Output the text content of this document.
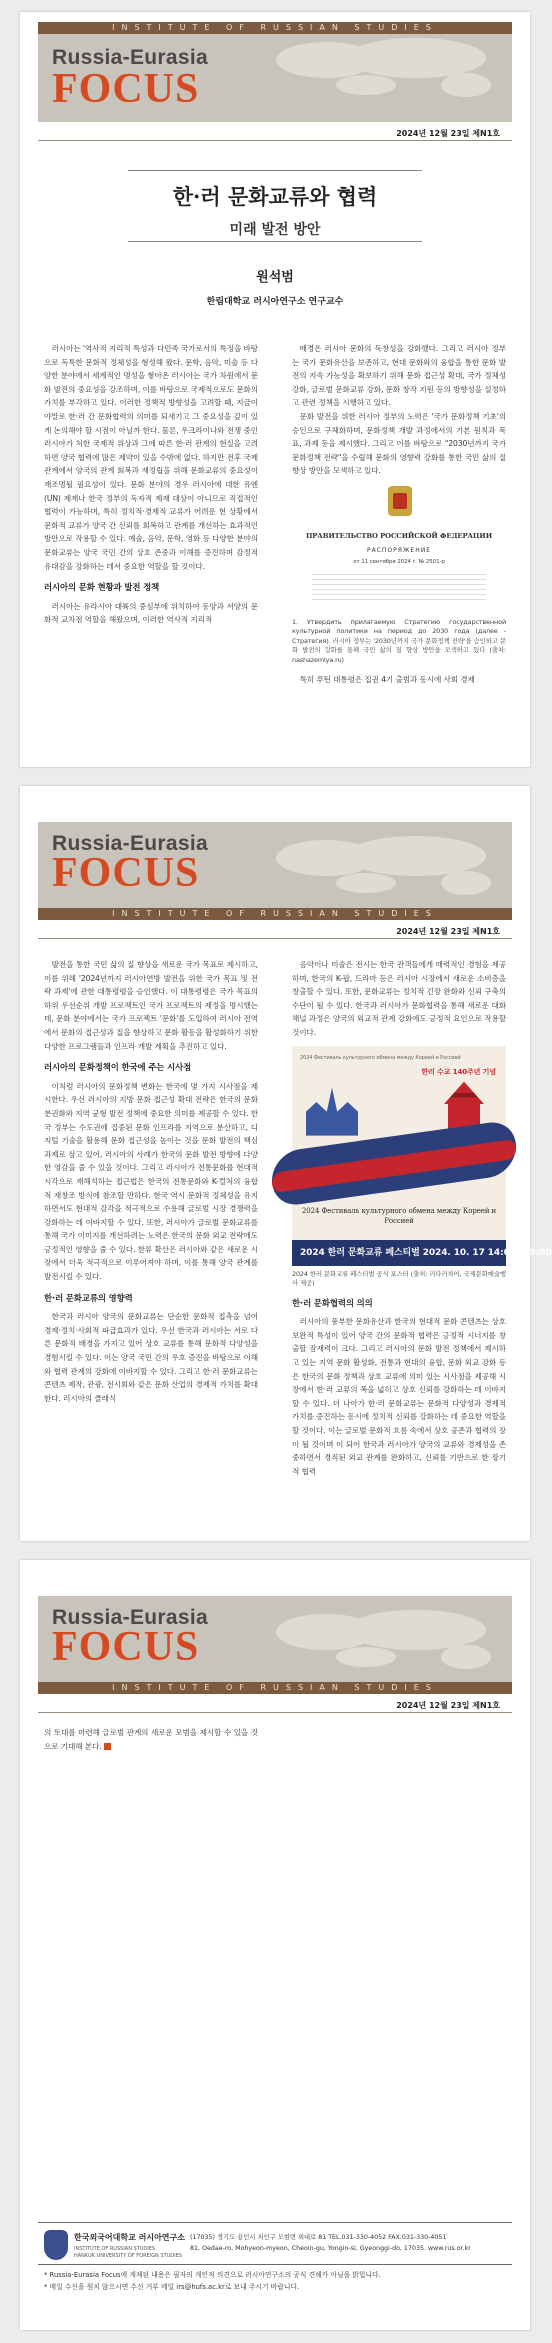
Russia-Eurasia
FOCUS
INSTITUTE OF RUSSIAN STUDIES
2024년 12월 23일 제N1호
한·러 문화교류와 협력
미래 발전 방안
원석범
한림대학교 러시아연구소 연구교수

러시아는 '역사적 지리적 특성과 다민족 국가로서의 특징을 바탕으로 독특한 문화적 정체성을 형성해 왔다. 문학, 음악, 미술 등 다양한 분야에서 세계적인 명성을 쌓아온 러시아는 국가 차원에서 문화 발전의 중요성을 강조하며, 이를 바탕으로 국제적으로도 문화의 가치를 부각하고 있다. 이러한 정책적 방향성을 고려할 때, 지금이야말로 한·러 간 문화협력의 의미를 되새기고 그 중요성을 깊이 있게 논의해야 할 시점이 아닐까 한다. 물론, 우크라이나와 전쟁 중인 러시아가 처한 국제적 위상과 그에 따른 한·러 관계의 현실을 고려하면 양국 협력에 많은 제약이 있을 수밖에 없다. 하지만 전후 국제관계에서 양국의 관계 회복과 재정립을 위해 문화교류의 중요성이 재조명될 필요성이 있다. 문화 분야의 경우 러시아에 대한 유엔(UN) 제재나 한국 정부의 독자적 제재 대상이 아니므로 직접적인 협력이 가능하며, 특히 정치적·경제적 교류가 어려운 현 상황에서 문화적 교류가 양국 간 신뢰를 회복하고 관계를 개선하는 효과적인 방안으로 작용할 수 있다. 예술, 음악, 문학, 영화 등 다양한 분야의 문화교류는 양국 국민 간의 상호 존중과 이해를 증진하며 감정적 유대감을 강화하는 데서 중요한 역할을 할 것이다.

러시아의 문화 현황과 발전 정책

러시아는 유라시아 대륙의 중심부에 위치하여 동양과 서양의 문화적 교차점 역할을 해왔으며, 이러한 역사적 지리적

배경은 러시아 문화의 독창성을 강화했다. 그리고 러시아 정부는 국가 문화유산을 보존하고, 현대 문화와의 융합을 통한 문화 발전의 지속 가능성을 확보하기 위해 문화 접근성 확대, 국가 정체성 강화, 글로벌 문화교류 강화, 문화 창작 지원 등의 방향성을 설정하고 관련 정책을 시행하고 있다.

문화 발전을 위한 러시아 정부의 노력은 '국가 문화정책 기초'의 승인으로 구체화하며, 문화정책 개발 과정에서의 기본 원칙과 목표, 과제 등을 제시했다. 그리고 이를 바탕으로 "2030년까지 국가 문화정책 전략"을 수립해 문화의 영향력 강화를 통한 국민 삶의 질 향상 방안을 모색하고 있다.

ПРАВИТЕЛЬСТВО РОССИЙСКОЙ ФЕДЕРАЦИИ
РАСПОРЯЖЕНИЕ
от 11 сентября 2024 г. № 2501-р
1. Утвердить прилагаемую Стратегию государственной культурной политики на период до 2030 года (далее - Стратегия). 러시아 정부는 '2030년까지 국가 문화정책 전략'을 승인하고 문화 발전의 강화를 통해 국민 삶의 질 향상 방안을 모색하고 있다 (출처: nashazemlya.ru)

특히 푸틴 대통령은 집권 4기 출범과 동시에 사회 경제

Russia-Eurasia
FOCUS
INSTITUTE OF RUSSIAN STUDIES
2024년 12월 23일 제N1호

발전을 통한 국민 삶의 질 향상을 새로운 국가 목표로 제시하고, 이를 위해 '2024년까지 러시아연방 발전을 위한 국가 목표 및 전략 과제'에 관한 대통령령을 승인했다. 이 대통령령은 국가 목표의 하위 우선순위 개발 프로젝트인 국가 프로젝트의 제정을 명시했는데, 문화 분야에서는 국가 프로젝트 '문화'를 도입하여 러시아 전역에서 문화의 접근성과 질을 향상하고 문화 활동을 활성화하기 위한 다양한 프로그램들과 인프라 개발 계획을 추진하고 있다.

러시아의 문화정책이 한국에 주는 시사점

이처럼 러시아의 문화정책 변화는 한국에 몇 가지 시사점을 제시한다. 우선 러시아의 지방 문화 접근성 확대 전략은 한국의 문화 분권화와 지역 균형 발전 정책에 중요한 의미를 제공할 수 있다. 한국 정부는 수도권에 집중된 문화 인프라를 지역으로 분산하고, 디지털 기술을 활용해 문화 접근성을 높이는 것을 문화 발전의 핵심 과제로 삼고 있어, 러시아의 사례가 한국의 문화 발전 방향에 다양한 영감을 줄 수 있을 것이다. 그리고 러시아가 전통문화를 현대적 시각으로 재해석하는 접근법은 한국의 전통문화와 K-컬처의 융합적 재창조 방식에 참조할 만하다. 한국 역시 문화적 정체성을 유지하면서도 현대적 감각을 적극적으로 수용해 글로벌 시장 경쟁력을 강화하는 데 이바지할 수 있다. 또한, 러시아가 글로벌 문화교류를 통해 국가 이미지를 개선하려는 노력은 한국의 문화 외교 전략에도 긍정적인 영향을 줄 수 있다. 한류 확산은 러시아와 같은 새로운 시장에서 더욱 적극적으로 이루어져야 하며, 이를 통해 양국 관계를 발전시킬 수 있다.

한·러 문화교류의 영향력

한국과 러시아 양국의 문화교류는 단순한 문화적 접촉을 넘어 경제·정치·사회적 파급효과가 있다. 우선 한국과 러시아는 서로 다른 문화적 배경을 가지고 있어 상호 교류를 통해 문화적 다양성을 경험시킬 수 있다. 이는 양국 국민 간의 우호 증진을 바탕으로 이해와 협력 관계의 강화에 이바지할 수 있다. 그리고 한·러 문화교류는 콘텐츠 제작, 관광, 전시회와 같은 문화 산업의 경제적 가치를 확대한다. 러시아의 클래식

음악이나 미술은 전시는 한국 관객들에게 매력적인 경험을 제공하며, 한국의 K-팝, 드라마 등은 러시아 시장에서 새로운 소비층을 창출할 수 있다. 또한, 문화교류는 정치적 긴장 완화와 신뢰 구축의 수단이 될 수 있다. 한국과 러시아가 문화협력을 통해 새로운 대화채널 과정은 양국의 외교적 관계 강화에도 긍정적 요인으로 작용할 것이다.

2024 Фестиваль культурного обмена между Кореей и Россией
한러 수교 140주년 기념
2024 Фестиваль культурного обмена между Кореей и Россией
2024 한러 문화교류 페스티벌 2024. 10. 17 14:00~19:00
2024 한러 문화교류 페스티벌 공식 포스터 (출처: 러다러차어, 국제문화예술행사 제공)
한·러 문화협력의 의의

러시아의 풍부한 문화유산과 한국의 현대적 문화 콘텐츠는 상호 보완적 특성이 있어 양국 간의 문화적 협력은 긍정적 시너지를 창출할 잠재력이 크다. 그리고 러시아의 문화 발전 정책에서 제시하고 있는 지역 문화 활성화, 전통과 현대의 융합, 문화 외교 강화 등은 한국의 문화 정책과 상호 교류에 의미 있는 시사점을 제공해 시장에서 한·러 교류의 폭을 넓히고 상호 신뢰를 강화하는 데 이바지할 수 있다. 더 나아가 한·러 문화교류는 문화적 다양성과 경제적 가치를 증진하는 동시에 정치적 신뢰를 강화하는 데 중요한 역할을 할 것이다. 이는 글로벌 문화적 흐름 속에서 상호 공존과 협력의 장이 될 것이며 이 되어 한국과 러시아가 양국의 교류와 경제성을 존중하면서 경직된 외교 관계를 완화하고, 신뢰를 기반으로 한 장기적 협력

Russia-Eurasia
FOCUS
INSTITUTE OF RUSSIAN STUDIES
2024년 12월 23일 제N1호

의 토대를 마련해 글로벌 관계의 새로운 모범을 제시할 수 있을 것으로 기대해 본다.

한국외국어대학교 러시아연구소
INSTITUTE OF RUSSIAN STUDIES
HANKUK UNIVERSITY OF FOREIGN STUDIES
(17035) 경기도 용인시 처인구 모현면 외대로 81 TEL.031-330-4052 FAX.031-330-4051
81, Oedae-ro, Mohyeon-myeon, Cheoin-gu, Yongin-si, Gyeonggi-do, 17035. www.rus.or.kr
* Russia-Eurasia Focus에 게재된 내용은 필자의 개인적 의견으로 러시아연구소의 공식 견해가 아님을 밝힙니다.
* 메일 수신을 원치 않으시면 수신 거부 메일 irs@hufs.ac.kr로 보내 주시기 바랍니다.
